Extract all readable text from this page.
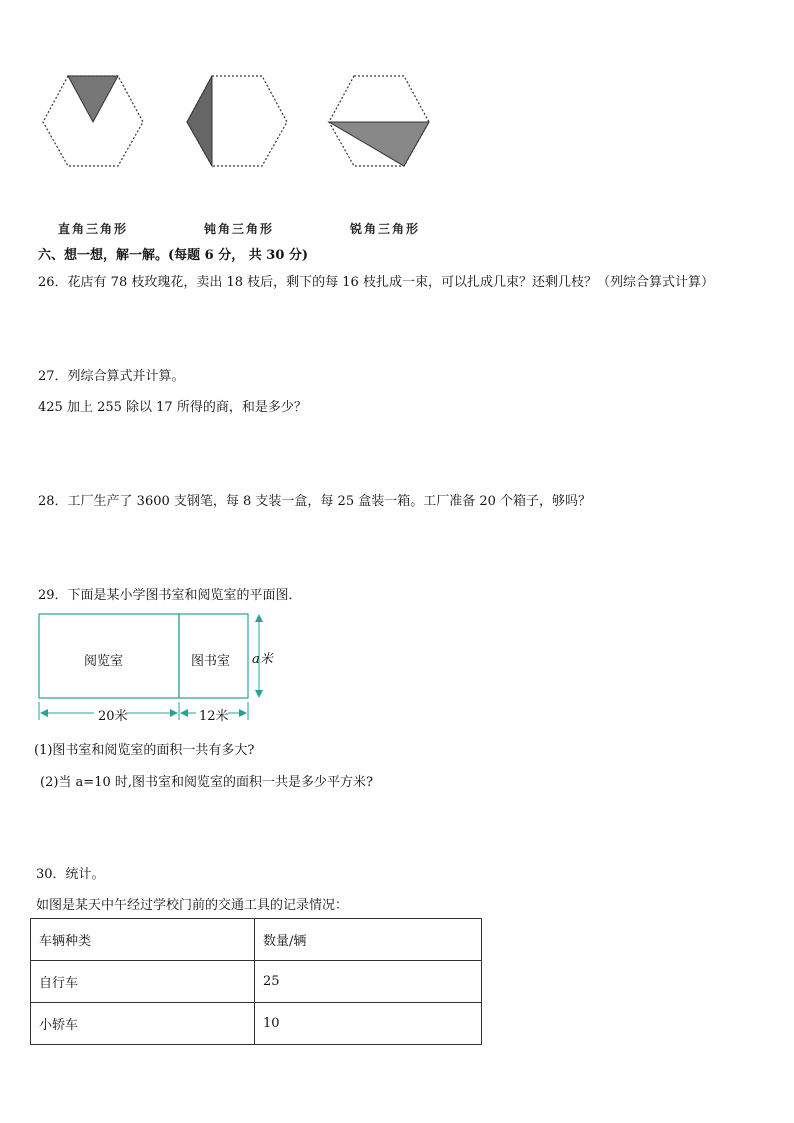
直角三角形	钝角三角形	锐角三角形
六、想一想，解一解。(每题 6 分， 共 30 分)
26．花店有 78 枝玫瑰花，卖出 18 枝后，剩下的每 16 枝扎成一束，可以扎成几束？还剩几枝？（列综合算式计算）
27．列综合算式并计算。
425 加上 255 除以 17 所得的商，和是多少？
28．工厂生产了 3600 支钢笔，每 8 支装一盒，每 25 盒装一箱。工厂准备 20 个箱子，够吗？
29．下面是某小学图书室和阅览室的平面图．
阅览室	图书室 a米
20米	12米
(1)图书室和阅览室的面积一共有多大?
(2)当 a=10 时,图书室和阅览室的面积一共是多少平方米?
30．统计。
如图是某天中午经过学校门前的交通工具的记录情况：
车辆种类	数量/辆
自行车	25
小轿车	10
